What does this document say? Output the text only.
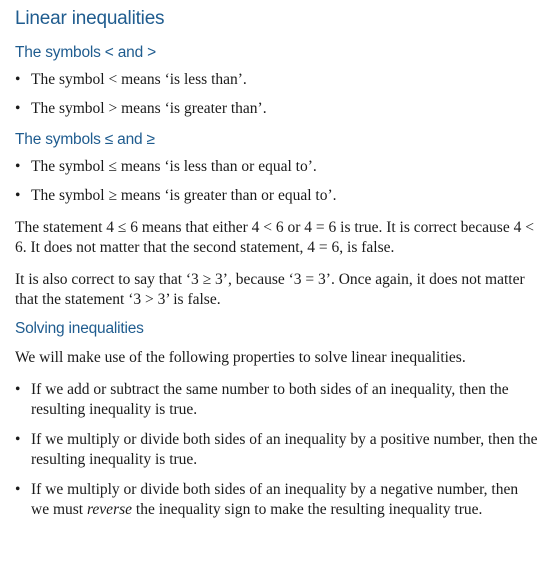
Linear inequalities
The symbols < and >
• The symbol < means ‘is less than’.
• The symbol > means ‘is greater than’.
The symbols ≤ and ≥
• The symbol ≤ means ‘is less than or equal to’.
• The symbol ≥ means ‘is greater than or equal to’.

The statement 4 ≤ 6 means that either 4 < 6 or 4 = 6 is true. It is correct because 4 < 6. It does not matter that the second statement, 4 = 6, is false.

It is also correct to say that ‘3 ≥ 3’, because ‘3 = 3’. Once again, it does not matter that the statement ‘3 > 3’ is false.

Solving inequalities

We will make use of the following properties to solve linear inequalities.

• If we add or subtract the same number to both sides of an inequality, then the resulting inequality is true.
• If we multiply or divide both sides of an inequality by a positive number, then the resulting inequality is true.
• If we multiply or divide both sides of an inequality by a negative number, then we must reverse the inequality sign to make the resulting inequality true.
